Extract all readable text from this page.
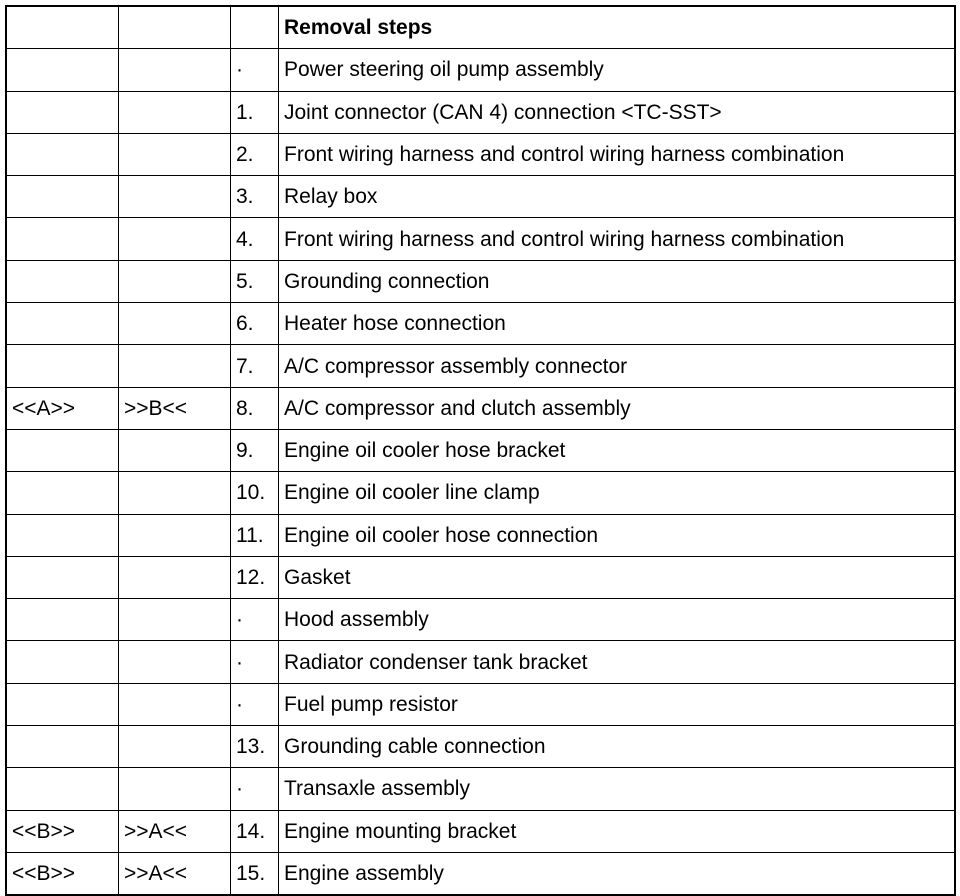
			Removal steps
		·	Power steering oil pump assembly
		1.	Joint connector (CAN 4) connection <TC-SST>
		2.	Front wiring harness and control wiring harness combination
		3.	Relay box
		4.	Front wiring harness and control wiring harness combination
		5.	Grounding connection
		6.	Heater hose connection
		7.	A/C compressor assembly connector
<<A>>	>>B<<	8.	A/C compressor and clutch assembly
		9.	Engine oil cooler hose bracket
		10.	Engine oil cooler line clamp
		11.	Engine oil cooler hose connection
		12.	Gasket
		·	Hood assembly
		·	Radiator condenser tank bracket
		·	Fuel pump resistor
		13.	Grounding cable connection
		·	Transaxle assembly
<<B>>	>>A<<	14.	Engine mounting bracket
<<B>>	>>A<<	15.	Engine assembly
